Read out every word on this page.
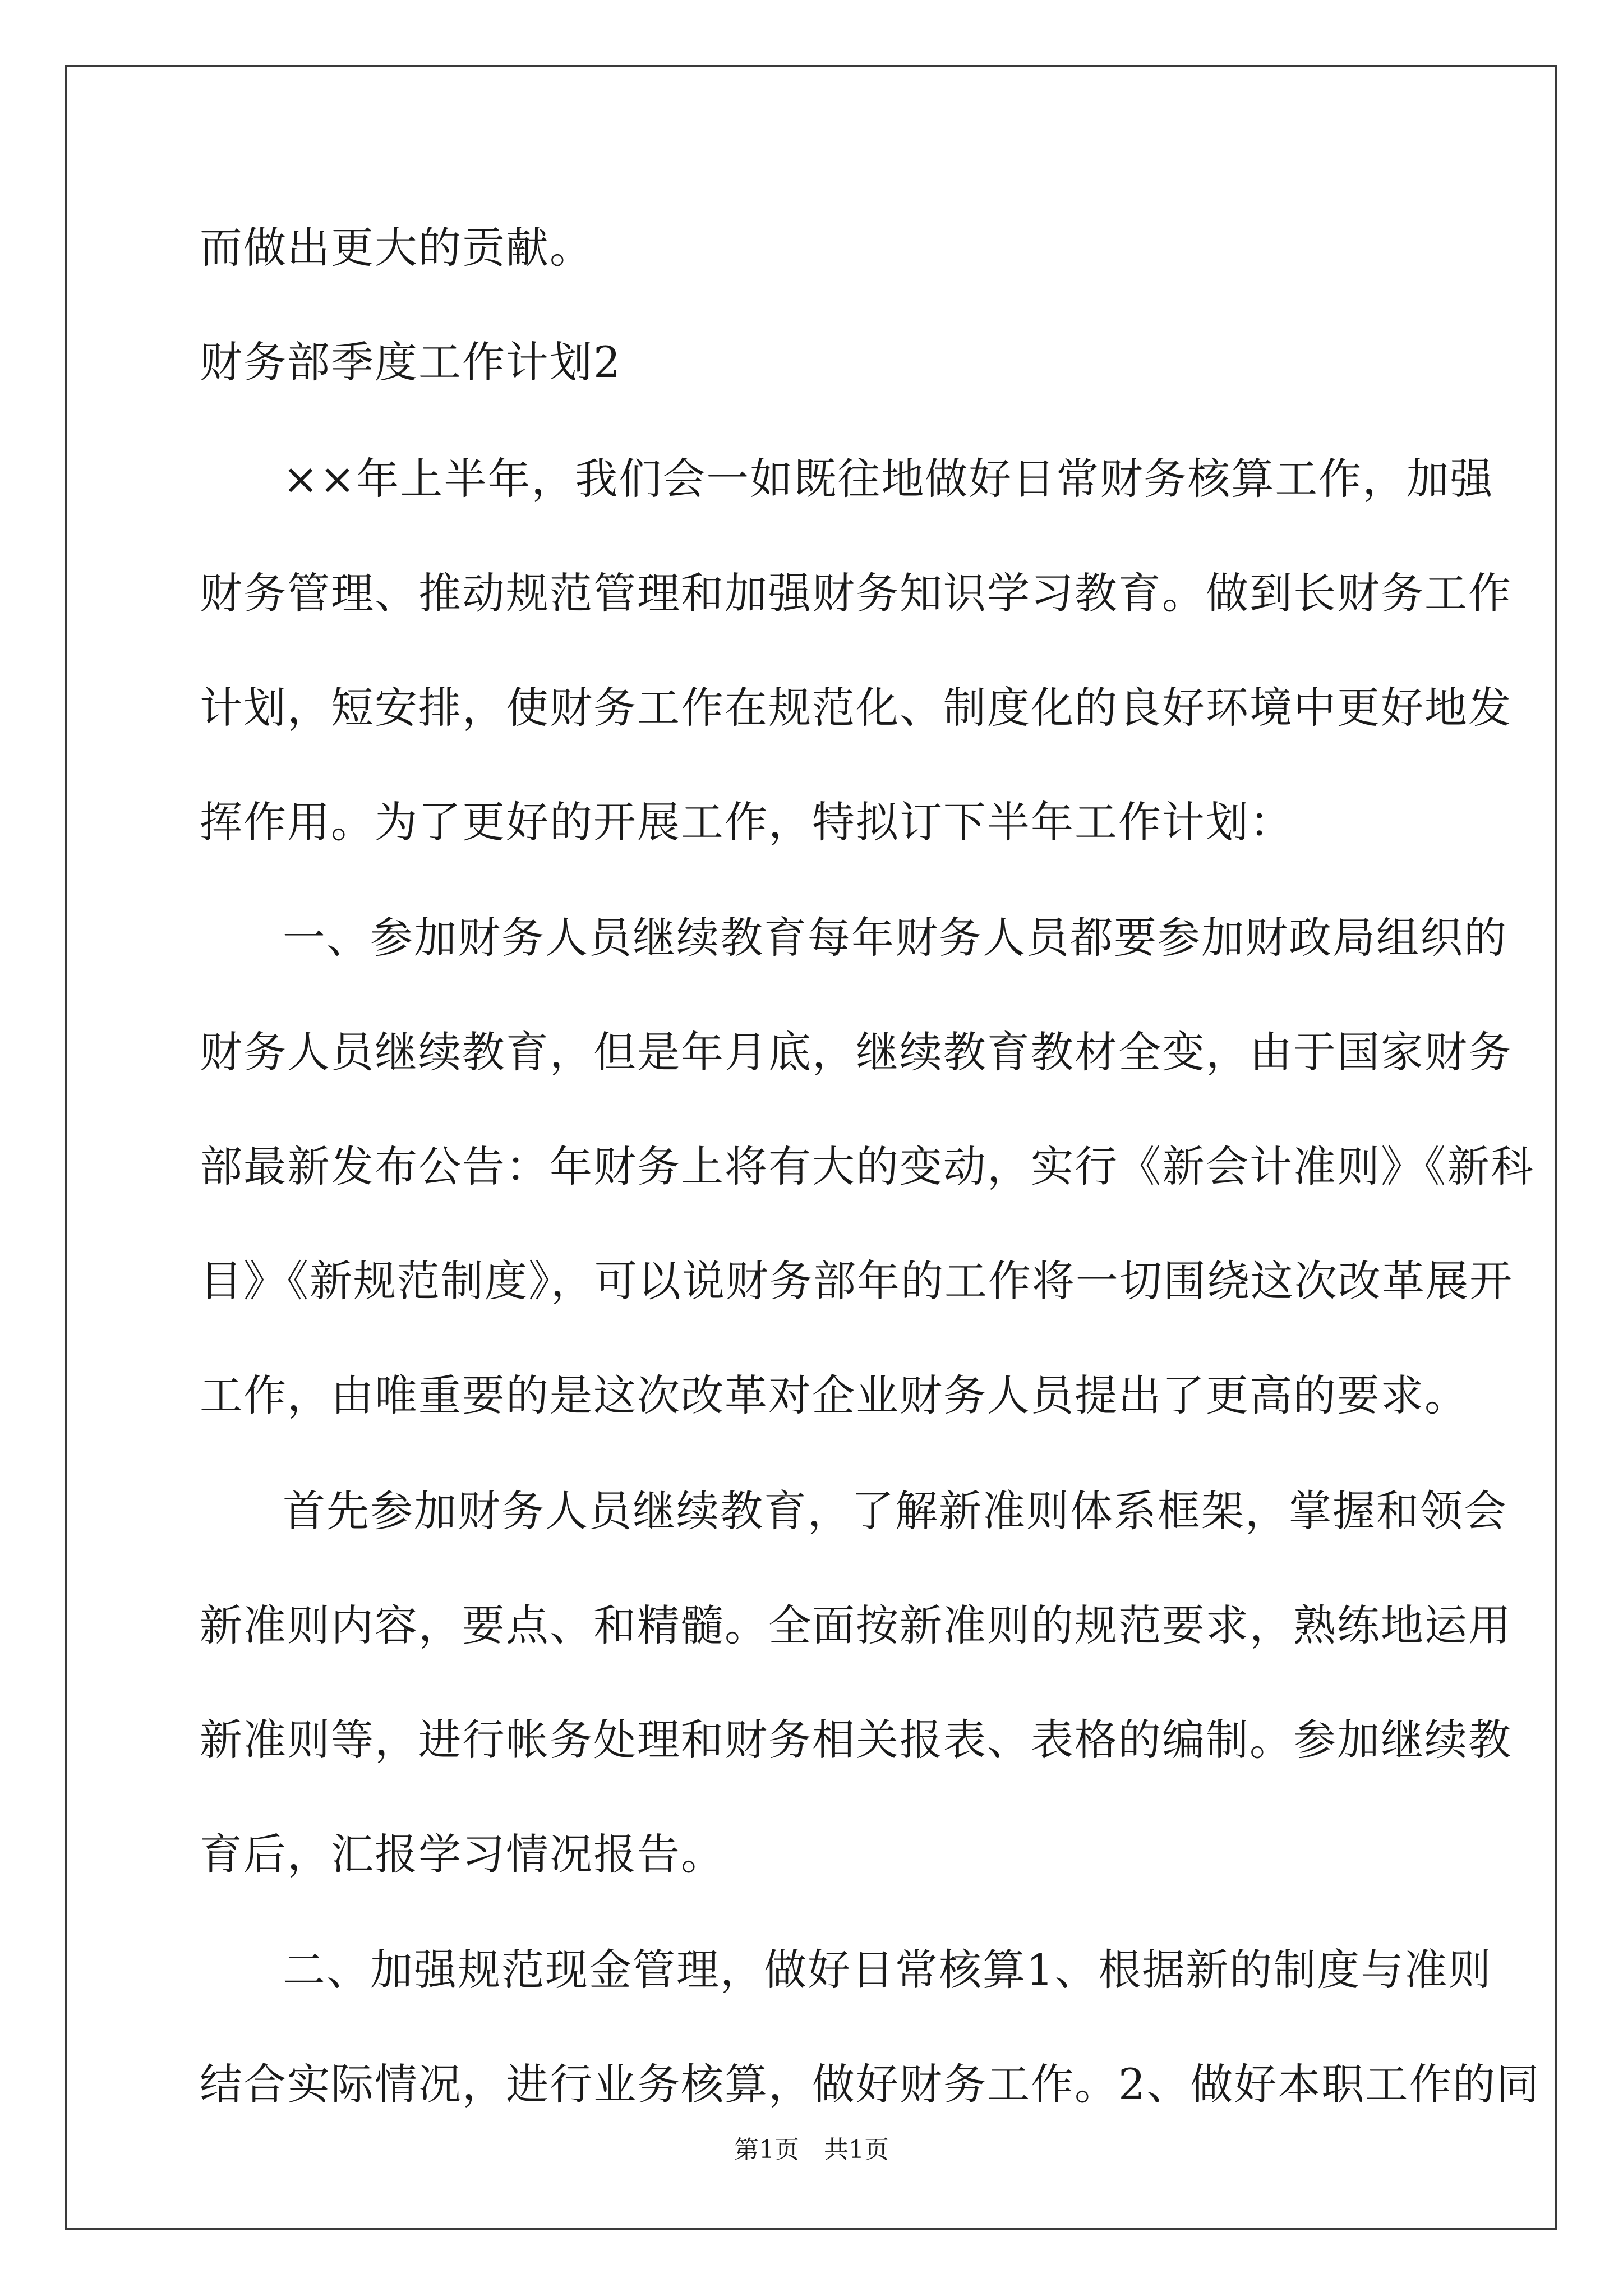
而做出更大的贡献。
财务部季度工作计划2
××年上半年，我们会一如既往地做好日常财务核算工作，加强
财务管理、推动规范管理和加强财务知识学习教育。做到长财务工作
计划，短安排，使财务工作在规范化、制度化的良好环境中更好地发
挥作用。为了更好的开展工作，特拟订下半年工作计划：
一、参加财务人员继续教育每年财务人员都要参加财政局组织的
财务人员继续教育，但是年月底，继续教育教材全变，由于国家财务
部最新发布公告：年财务上将有大的变动，实行《新会计准则》《新科
目》《新规范制度》，可以说财务部年的工作将一切围绕这次改革展开
工作，由唯重要的是这次改革对企业财务人员提出了更高的要求。
首先参加财务人员继续教育，了解新准则体系框架，掌握和领会
新准则内容，要点、和精髓。全面按新准则的规范要求，熟练地运用
新准则等，进行帐务处理和财务相关报表、表格的编制。参加继续教
育后，汇报学习情况报告。
二、加强规范现金管理，做好日常核算1、根据新的制度与准则
结合实际情况，进行业务核算，做好财务工作。2、做好本职工作的同
第1页 共1页
